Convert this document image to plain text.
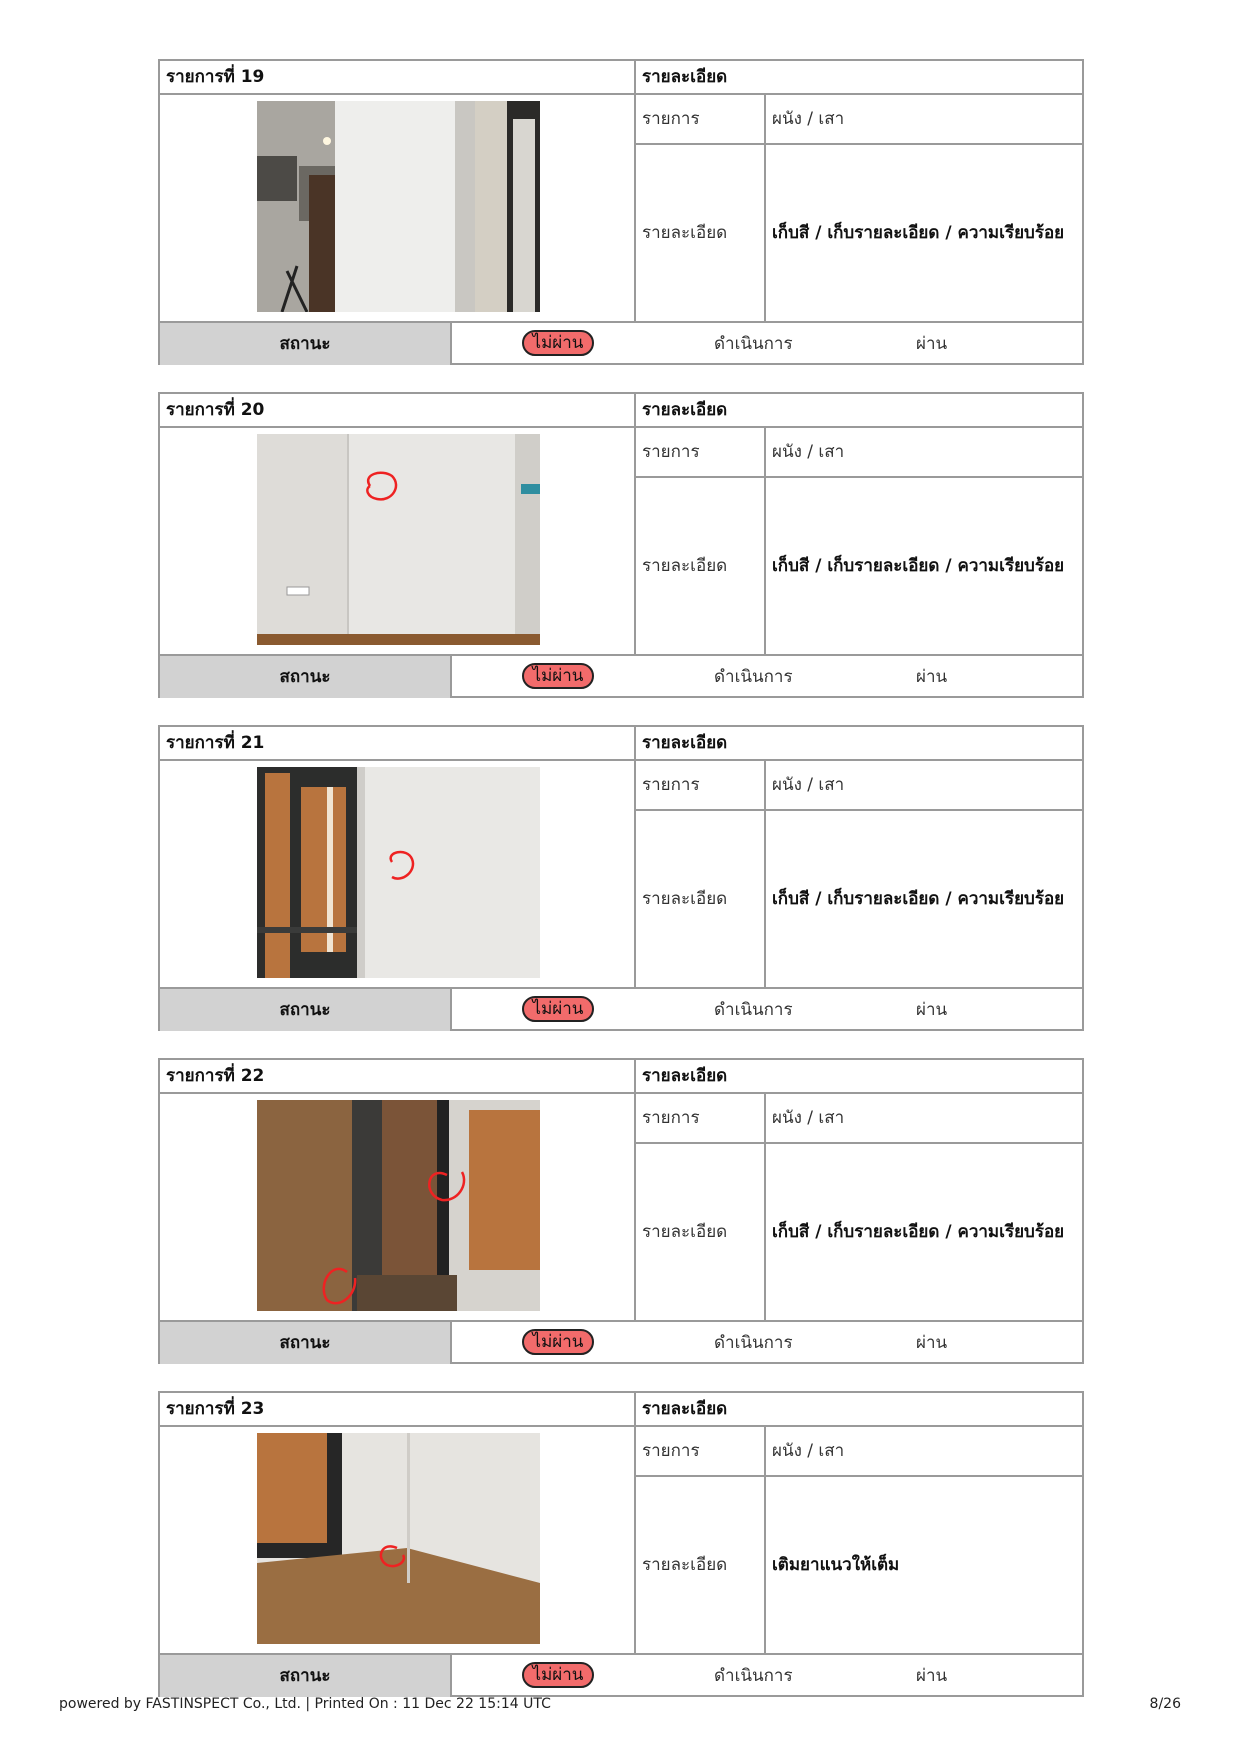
รายการที่ 19	รายละเอียด
รายการ	ผนัง / เสา
รายละเอียด	เก็บสี / เก็บรายละเอียด / ความเรียบร้อย
สถานะ	ไม่ผ่าน	ดำเนินการ	ผ่าน
รายการที่ 20	รายละเอียด
รายการ	ผนัง / เสา
รายละเอียด	เก็บสี / เก็บรายละเอียด / ความเรียบร้อย
สถานะ	ไม่ผ่าน	ดำเนินการ	ผ่าน
รายการที่ 21	รายละเอียด
รายการ	ผนัง / เสา
รายละเอียด	เก็บสี / เก็บรายละเอียด / ความเรียบร้อย
สถานะ	ไม่ผ่าน	ดำเนินการ	ผ่าน
รายการที่ 22	รายละเอียด
รายการ	ผนัง / เสา
รายละเอียด	เก็บสี / เก็บรายละเอียด / ความเรียบร้อย
สถานะ	ไม่ผ่าน	ดำเนินการ	ผ่าน
รายการที่ 23	รายละเอียด
รายการ	ผนัง / เสา
รายละเอียด	เติมยาแนวให้เต็ม
สถานะ	ไม่ผ่าน	ดำเนินการ	ผ่าน
powered by FASTINSPECT Co., Ltd. | Printed On : 11 Dec 22 15:14 UTC	8/26
